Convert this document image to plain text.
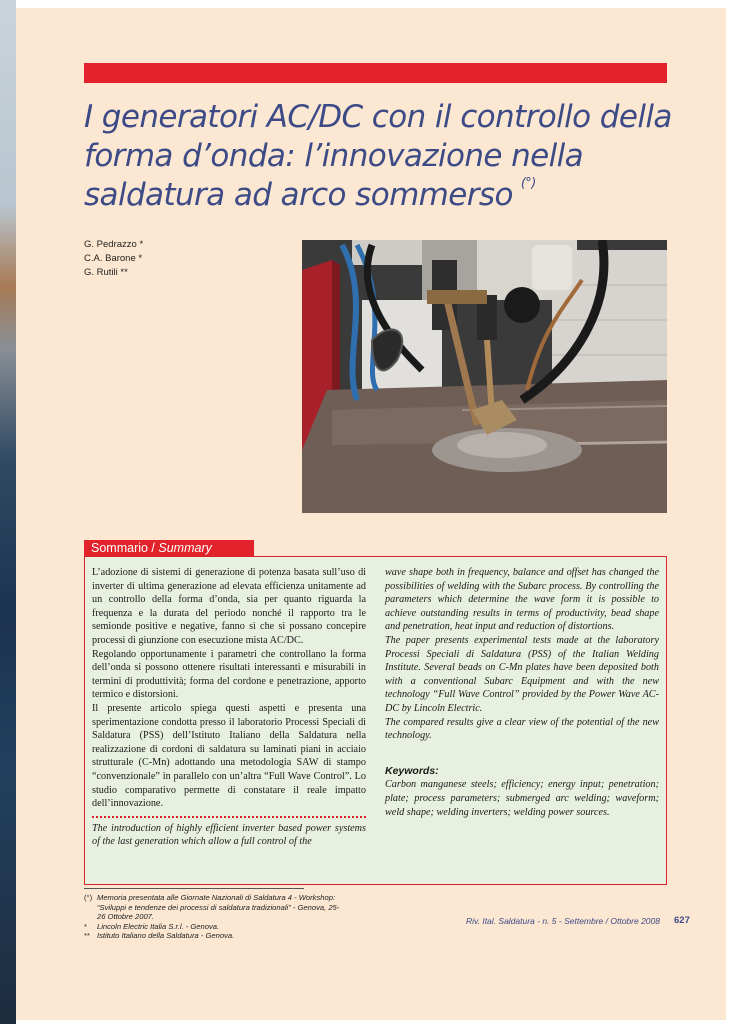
I generatori AC/DC con il controllo della forma d’onda: l’innovazione nella saldatura ad arco sommerso (°)
G. Pedrazzo *
C.A. Barone *
G. Rutili **
Sommario / Summary

L’adozione di sistemi di generazione di potenza basata sull’uso di inverter di ultima generazione ad elevata efficienza unitamente ad un controllo della forma d’onda, sia per quanto riguarda la frequenza e la durata del periodo nonché il rapporto tra le semionde positive e negative, fanno sì che si possano concepire processi di giunzione con esecuzione mista AC/DC.

Regolando opportunamente i parametri che controllano la forma dell’onda si possono ottenere risultati interessanti e misurabili in termini di produttività; forma del cordone e penetrazione, apporto termico e distorsioni.

Il presente articolo spiega questi aspetti e presenta una sperimentazione condotta presso il laboratorio Processi Speciali di Saldatura (PSS) dell’Istituto Italiano della Saldatura nella realizzazione di cordoni di saldatura su laminati piani in acciaio strutturale (C-Mn) adottando una metodologia SAW di stampo “convenzionale” in parallelo con un’altra “Full Wave Control”. Lo studio comparativo permette di constatare il reale impatto dell’innovazione.

The introduction of highly efficient inverter based power systems of the last generation which allow a full control of the

wave shape both in frequency, balance and offset has changed the possibilities of welding with the Subarc process. By controlling the parameters which determine the wave form it is possible to achieve outstanding results in terms of productivity, bead shape and penetration, heat input and reduction of distortions.

The paper presents experimental tests made at the laboratory Processi Speciali di Saldatura (PSS) of the Italian Welding Institute. Several beads on C-Mn plates have been deposited both with a conventional Subarc Equipment and with the new technology “Full Wave Control” provided by the Power Wave AC-DC by Lincoln Electric.

The compared results give a clear view of the potential of the new technology.

Keywords:

Carbon manganese steels; efficiency; energy input; penetration; plate; process parameters; submerged arc welding; waveform; weld shape; welding inverters; welding power sources.

(°) Memoria presentata alle Giornate Nazionali di Saldatura 4 - Workshop: “Sviluppi e tendenze dei processi di saldatura tradizionali” - Genova, 25-26 Ottobre 2007.
* Lincoln Electric Italia S.r.l. - Genova.
** Istituto Italiano della Saldatura - Genova.
Riv. Ital. Saldatura - n. 5 - Settembre / Ottobre 2008 627
